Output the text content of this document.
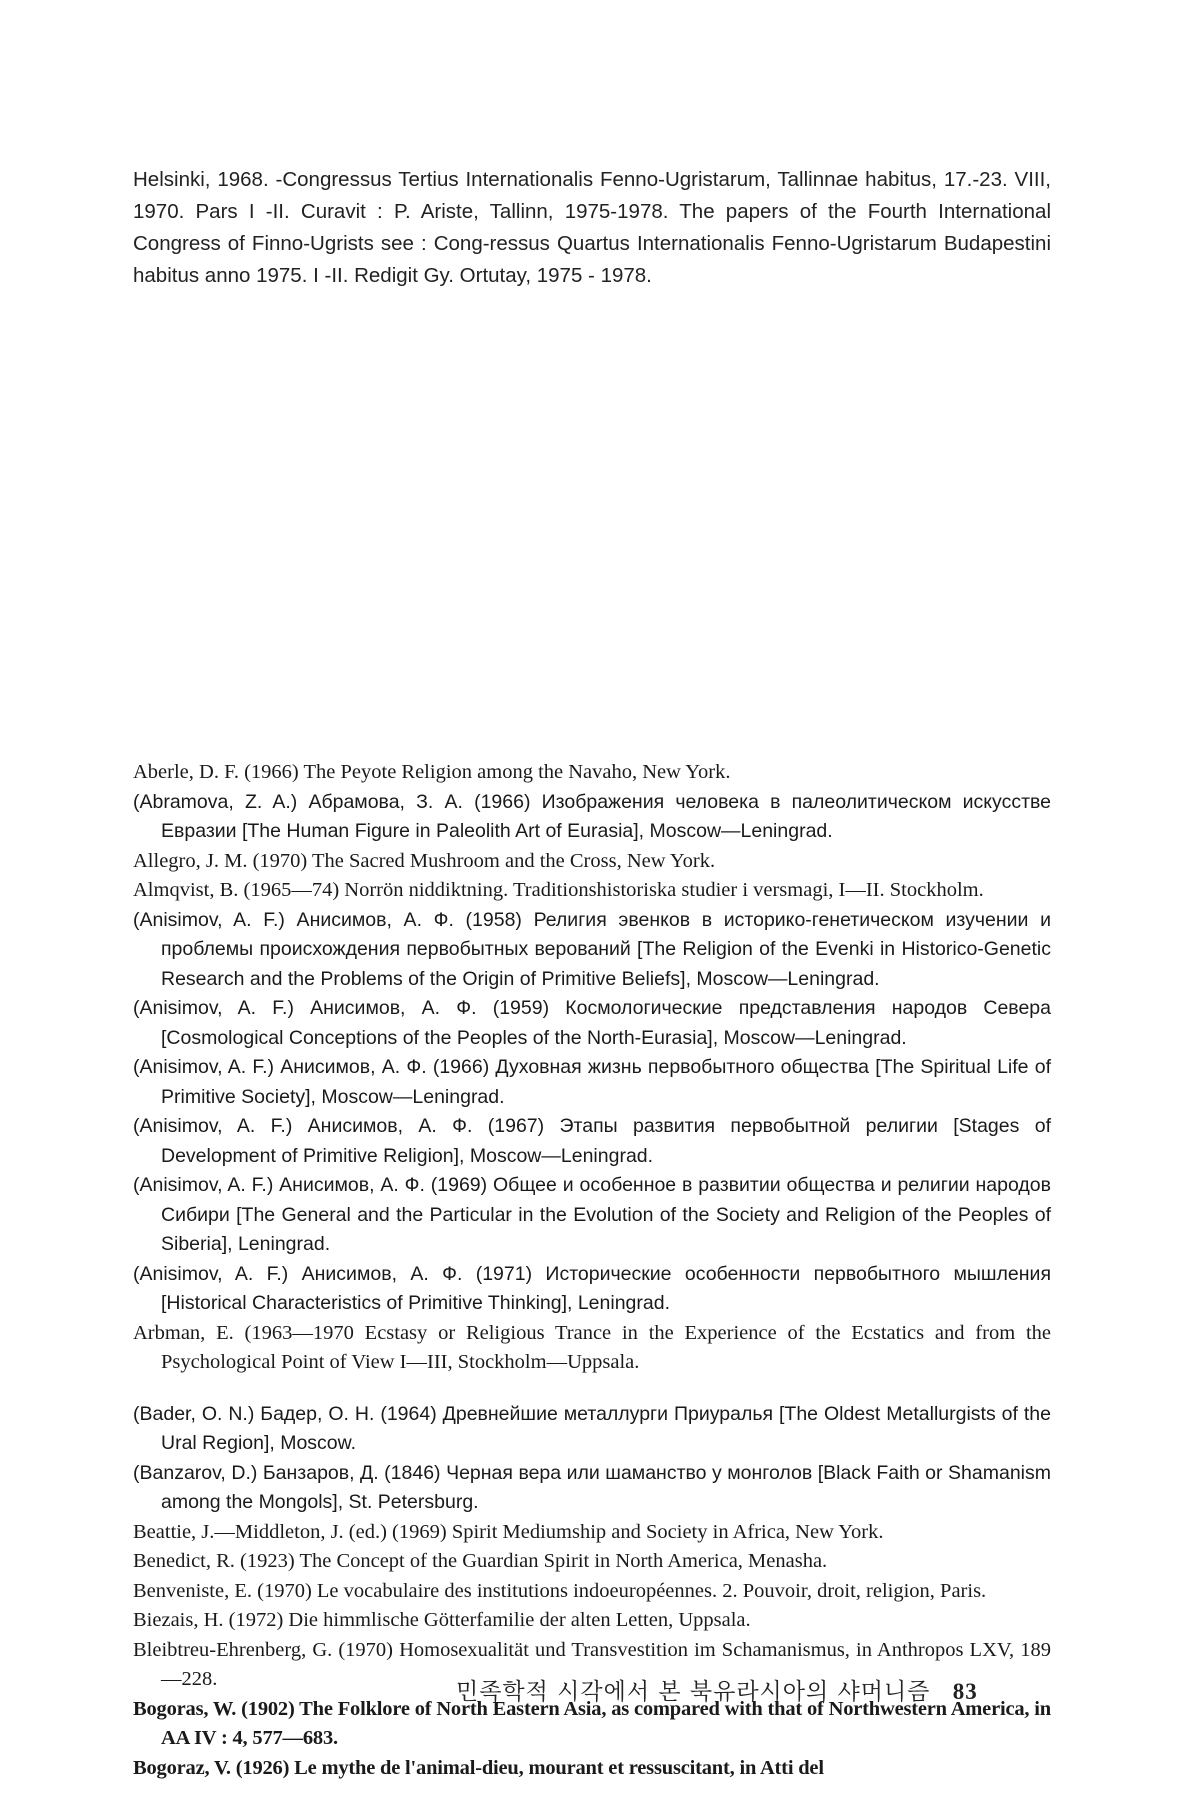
Helsinki, 1968. -Congressus Tertius Internationalis Fenno-Ugristarum, Tallinnae habitus, 17.-23. VIII, 1970. Pars I -II. Curavit : P. Ariste, Tallinn, 1975-1978. The papers of the Fourth International Congress of Finno-Ugrists see : Cong-ressus Quartus Internationalis Fenno-Ugristarum Budapestini habitus anno 1975. I -II. Redigit Gy. Ortutay, 1975 - 1978.

Aberle, D. F. (1966) The Peyote Religion among the Navaho, New York.

(Abramova, Z. A.) Абрамова, З. А. (1966) Изображения человека в палеолитическом искусстве Евразии [The Human Figure in Paleolith Art of Eurasia], Moscow—Leningrad.

Allegro, J. M. (1970) The Sacred Mushroom and the Cross, New York.

Almqvist, B. (1965—74) Norrön niddiktning. Traditionshistoriska studier i versmagi, I—II. Stockholm.

(Anisimov, A. F.) Анисимов, А. Ф. (1958) Религия эвенков в историко-генетическом изучении и проблемы происхождения первобытных верований [The Religion of the Evenki in Historico-Genetic Research and the Problems of the Origin of Primitive Beliefs], Moscow—Leningrad.

(Anisimov, A. F.) Анисимов, А. Ф. (1959) Космологические представления народов Севера [Cosmological Conceptions of the Peoples of the North-Eurasia], Moscow—Leningrad.

(Anisimov, A. F.) Анисимов, А. Ф. (1966) Духовная жизнь первобытного общества [The Spiritual Life of Primitive Society], Moscow—Leningrad.

(Anisimov, A. F.) Анисимов, А. Ф. (1967) Этапы развития первобытной религии [Stages of Development of Primitive Religion], Moscow—Leningrad.

(Anisimov, A. F.) Анисимов, А. Ф. (1969) Общее и особенное в развитии общества и религии народов Сибири [The General and the Particular in the Evolution of the Society and Religion of the Peoples of Siberia], Leningrad.

(Anisimov, A. F.) Анисимов, А. Ф. (1971) Исторические особенности первобытного мышления [Historical Characteristics of Primitive Thinking], Leningrad.

Arbman, E. (1963—1970 Ecstasy or Religious Trance in the Experience of the Ecstatics and from the Psychological Point of View I—III, Stockholm—Uppsala.

(Bader, O. N.) Бадер, О. Н. (1964) Древнейшие металлурги Приуралья [The Oldest Metallurgists of the Ural Region], Moscow.

(Banzarov, D.) Банзаров, Д. (1846) Черная вера или шаманство у монголов [Black Faith or Shamanism among the Mongols], St. Petersburg.

Beattie, J.—Middleton, J. (ed.) (1969) Spirit Mediumship and Society in Africa, New York.

Benedict, R. (1923) The Concept of the Guardian Spirit in North America, Menasha.

Benveniste, E. (1970) Le vocabulaire des institutions indoeuropéennes. 2. Pouvoir, droit, religion, Paris.

Biezais, H. (1972) Die himmlische Götterfamilie der alten Letten, Uppsala.

Bleibtreu-Ehrenberg, G. (1970) Homosexualität und Transvestition im Schamanismus, in Anthropos LXV, 189—228.

Bogoras, W. (1902) The Folklore of North Eastern Asia, as compared with that of Northwestern America, in AA IV : 4, 577—683.

Bogoraz, V. (1926) Le mythe de l'animal-dieu, mourant et ressuscitant, in Atti del

민족학적 시각에서 본 북유라시아의 샤머니즘 83
